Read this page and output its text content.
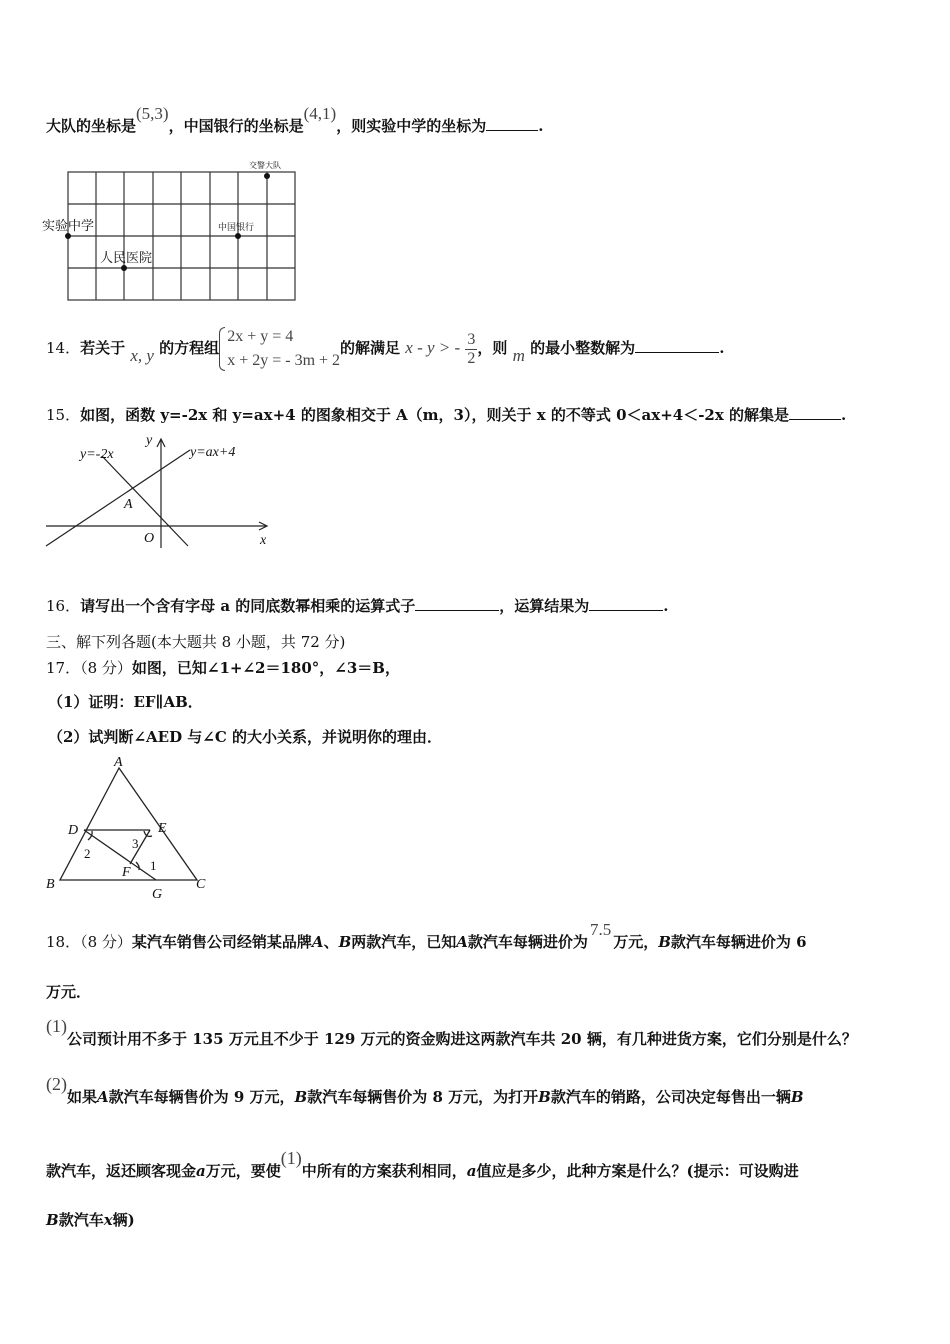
大队的坐标是(5,3)，中国银行的坐标是(4,1)，则实验中学的坐标为	.
交警大队
实验中学	中国银行
人民医院
14．若关于 x, y 的方程组
2x + y = 4
x + 2y = - 3m + 2
的解满足 x - y > - $\frac{3}{2}$ ，则 m 的最小整数解为	.
15．如图，函数 y=-2x 和 y=ax+4 的图象相交于 A（m，3），则关于 x 的不等式 0＜ax+4＜-2x 的解集是	.
y=-2x	y=ax+4
y
x
O
A
16．请写出一个含有字母 a 的同底数幂相乘的运算式子	，运算结果为	.
三、解下列各题(本大题共 8 小题，共 72 分)
17．（8 分）如图，已知∠1+∠2＝180°，∠3＝B，
（1）证明：EF∥AB．
（2）试判断∠AED 与∠C 的大小关系，并说明你的理由．
A
B	C
D	E
F
G
2
3
1
18．（8 分）某汽车销售公司经销某品牌A、B两款汽车，已知A款汽车每辆进价为7.5万元，B款汽车每辆进价为 6
万元．
(1)公司预计用不多于 135 万元且不少于 129 万元的资金购进这两款汽车共 20 辆，有几种进货方案，它们分别是什么？
(2)如果A款汽车每辆售价为 9 万元，B款汽车每辆售价为 8 万元，为打开B款汽车的销路，公司决定每售出一辆B
款汽车，返还顾客现金a万元，要使(1)中所有的方案获利相同，a值应是多少，此种方案是什么？(提示：可设购进
B款汽车x辆)
